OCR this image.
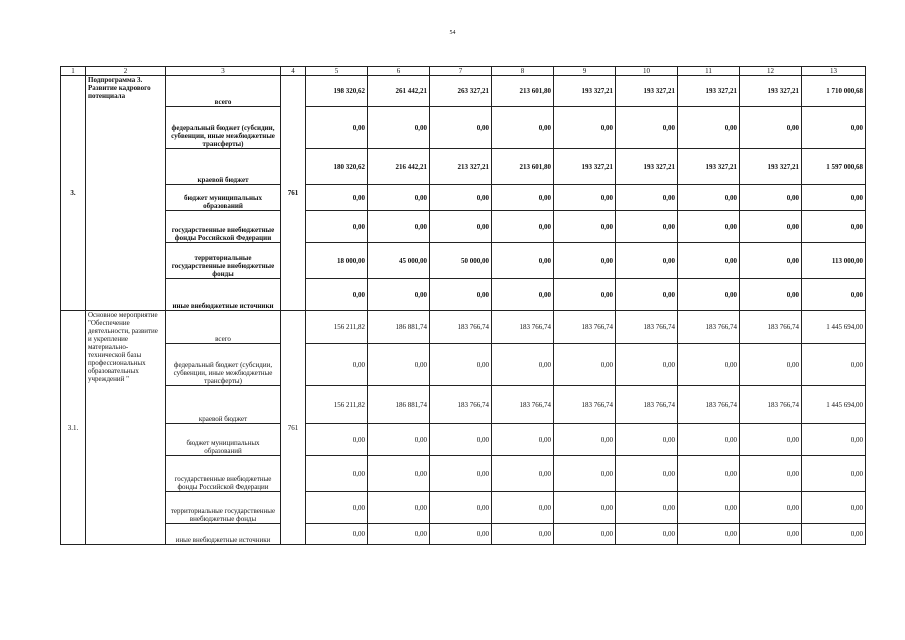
54
1	2	3	4	5	6	7	8	9	10	11	12	13
3.	Подпрограмма 3. Развитие кадрового потенциала	всего	761	198 320,62	261 442,21	263 327,21	213 601,80	193 327,21	193 327,21	193 327,21	193 327,21	1 710 000,68
		федеральный бюджет (субсидии, субвенции, иные межбюджетные трансферты)		0,00	0,00	0,00	0,00	0,00	0,00	0,00	0,00	0,00
		краевой бюджет		180 320,62	216 442,21	213 327,21	213 601,80	193 327,21	193 327,21	193 327,21	193 327,21	1 597 000,68
		бюджет муниципальных образований		0,00	0,00	0,00	0,00	0,00	0,00	0,00	0,00	0,00
		государственные внебюджетные фонды Российской Федерации		0,00	0,00	0,00	0,00	0,00	0,00	0,00	0,00	0,00
		территориальные государственные внебюджетные фонды		18 000,00	45 000,00	50 000,00	0,00	0,00	0,00	0,00	0,00	113 000,00
		иные внебюджетные источники		0,00	0,00	0,00	0,00	0,00	0,00	0,00	0,00	0,00
3.1.	Основное мероприятие "Обеспечение деятельности, развитие и укрепление материально-технической базы профессиональных образовательных учреждений "	всего	761	156 211,82	186 881,74	183 766,74	183 766,74	183 766,74	183 766,74	183 766,74	183 766,74	1 445 694,00
		федеральный бюджет (субсидии, субвенции, иные межбюджетные трансферты)		0,00	0,00	0,00	0,00	0,00	0,00	0,00	0,00	0,00
		краевой бюджет		156 211,82	186 881,74	183 766,74	183 766,74	183 766,74	183 766,74	183 766,74	183 766,74	1 445 694,00
		бюджет муниципальных образований		0,00	0,00	0,00	0,00	0,00	0,00	0,00	0,00	0,00
		государственные внебюджетные фонды Российской Федерации		0,00	0,00	0,00	0,00	0,00	0,00	0,00	0,00	0,00
		территориальные государственные внебюджетные фонды		0,00	0,00	0,00	0,00	0,00	0,00	0,00	0,00	0,00
		иные внебюджетные источники		0,00	0,00	0,00	0,00	0,00	0,00	0,00	0,00	0,00
